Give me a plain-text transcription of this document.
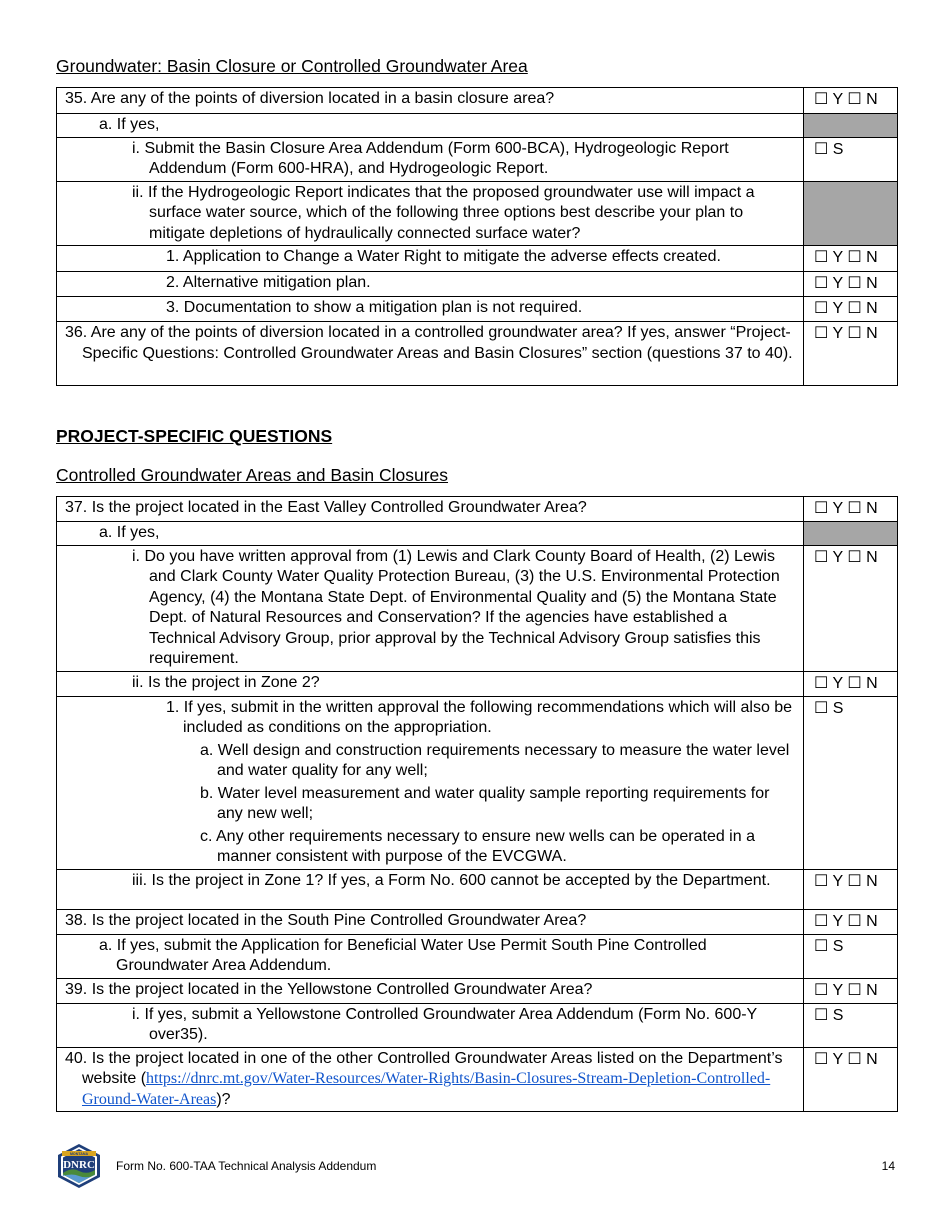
Groundwater: Basin Closure or Controlled Groundwater Area
35. Are any of the points of diversion located in a basin closure area?	☐ Y ☐ N

a. If yes,	

i. Submit the Basin Closure Area Addendum (Form 600-BCA), Hydrogeologic Report Addendum (Form 600-HRA), and Hydrogeologic Report.	☐ S

ii. If the Hydrogeologic Report indicates that the proposed groundwater use will impact a surface water source, which of the following three options best describe your plan to mitigate depletions of hydraulically connected surface water?	

1. Application to Change a Water Right to mitigate the adverse effects created.	☐ Y ☐ N

2. Alternative mitigation plan.	☐ Y ☐ N

3. Documentation to show a mitigation plan is not required.	☐ Y ☐ N

36. Are any of the points of diversion located in a controlled groundwater area? If yes, answer “Project-Specific Questions: Controlled Groundwater Areas and Basin Closures” section (questions 37 to 40).	☐ Y ☐ N
PROJECT-SPECIFIC QUESTIONS
Controlled Groundwater Areas and Basin Closures
37. Is the project located in the East Valley Controlled Groundwater Area?	☐ Y ☐ N

a. If yes,	

i. Do you have written approval from (1) Lewis and Clark County Board of Health, (2) Lewis and Clark County Water Quality Protection Bureau, (3) the U.S. Environmental Protection Agency, (4) the Montana State Dept. of Environmental Quality and (5) the Montana State Dept. of Natural Resources and Conservation? If the agencies have established a Technical Advisory Group, prior approval by the Technical Advisory Group satisfies this requirement.	☐ Y ☐ N

ii. Is the project in Zone 2?	☐ Y ☐ N

1. If yes, submit in the written approval the following recommendations which will also be included as conditions on the appropriation.
a. Well design and construction requirements necessary to measure the water level and water quality for any well;
b. Water level measurement and water quality sample reporting requirements for any new well;
c. Any other requirements necessary to ensure new wells can be operated in a manner consistent with purpose of the EVCGWA.	☐ S

iii. Is the project in Zone 1? If yes, a Form No. 600 cannot be accepted by the Department.	☐ Y ☐ N

38. Is the project located in the South Pine Controlled Groundwater Area?	☐ Y ☐ N

a. If yes, submit the Application for Beneficial Water Use Permit South Pine Controlled Groundwater Area Addendum.	☐ S

39. Is the project located in the Yellowstone Controlled Groundwater Area?	☐ Y ☐ N

i. If yes, submit a Yellowstone Controlled Groundwater Area Addendum (Form No. 600-Y over35).	☐ S

40. Is the project located in one of the other Controlled Groundwater Areas listed on the Department’s website (https://dnrc.mt.gov/Water-Resources/Water-Rights/Basin-Closures-Stream-Depletion-Controlled-Ground-Water-Areas)?	☐ Y ☐ N
MONTANA
DNRC Form No. 600-TAA Technical Analysis Addendum	14
